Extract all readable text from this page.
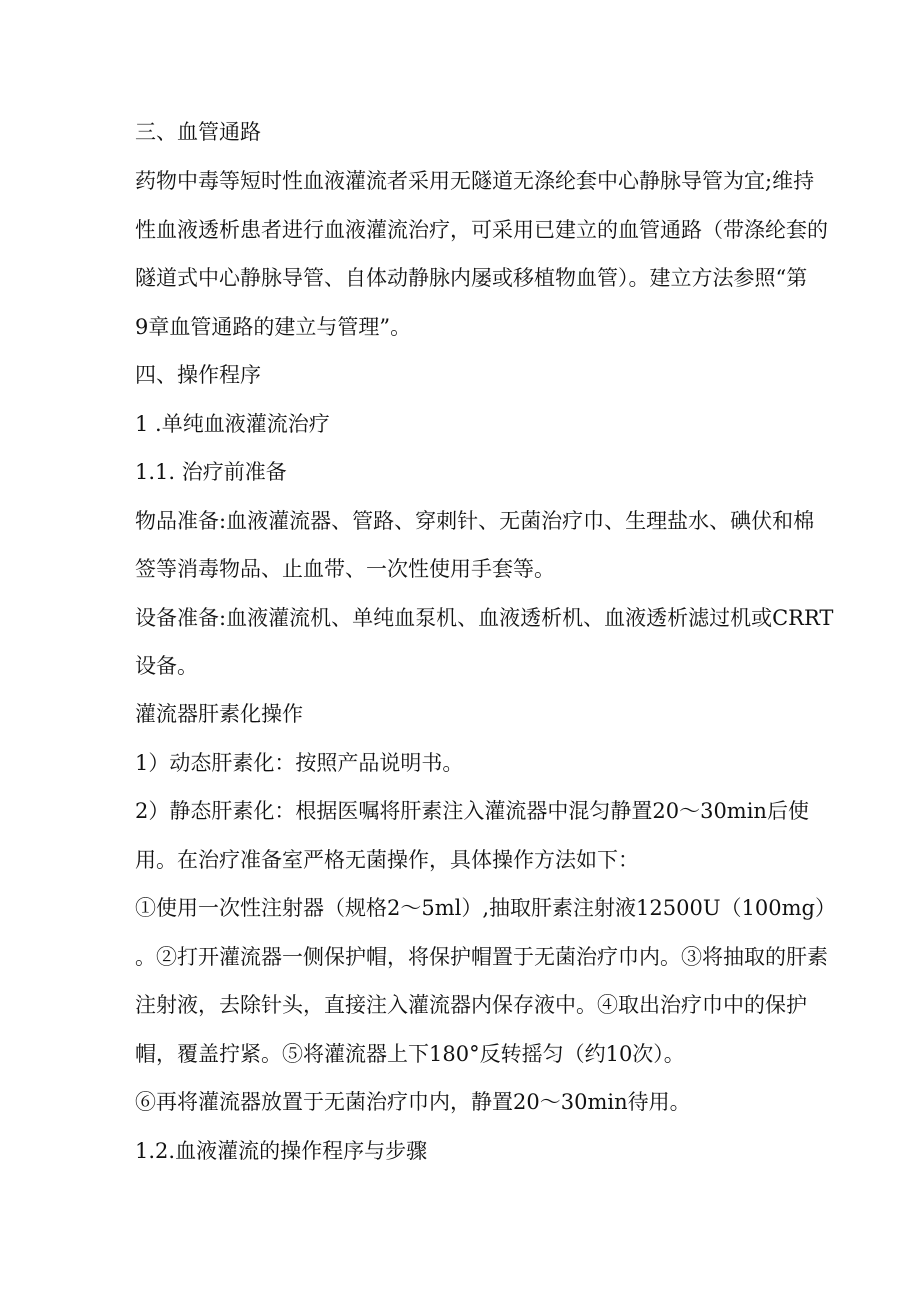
三、血管通路
药物中毒等短时性血液灌流者采用无隧道无涤纶套中心静脉导管为宜;维持
性血液透析患者进行血液灌流治疗，可采用已建立的血管通路（带涤纶套的
隧道式中心静脉导管、自体动静脉内屡或移植物血管）。建立方法参照“第
9章血管通路的建立与管理”。
四、操作程序
1 .单纯血液灌流治疗
1.1. 治疗前准备
物品准备:血液灌流器、管路、穿刺针、无菌治疗巾、生理盐水、碘伏和棉
签等消毒物品、止血带、一次性使用手套等。
设备准备:血液灌流机、单纯血泵机、血液透析机、血液透析滤过机或CRRT
设备。
灌流器肝素化操作
1）动态肝素化：按照产品说明书。
2）静态肝素化：根据医嘱将肝素注入灌流器中混匀静置20～30min后使
用。在治疗准备室严格无菌操作，具体操作方法如下：
①使用一次性注射器（规格2～5ml）,抽取肝素注射液12500U（100mg）
。②打开灌流器一侧保护帽，将保护帽置于无菌治疗巾内。③将抽取的肝素
注射液，去除针头，直接注入灌流器内保存液中。④取出治疗巾中的保护
帽，覆盖拧紧。⑤将灌流器上下180°反转摇匀（约10次）。
⑥再将灌流器放置于无菌治疗巾内，静置20～30min待用。
1.2.血液灌流的操作程序与步骤
